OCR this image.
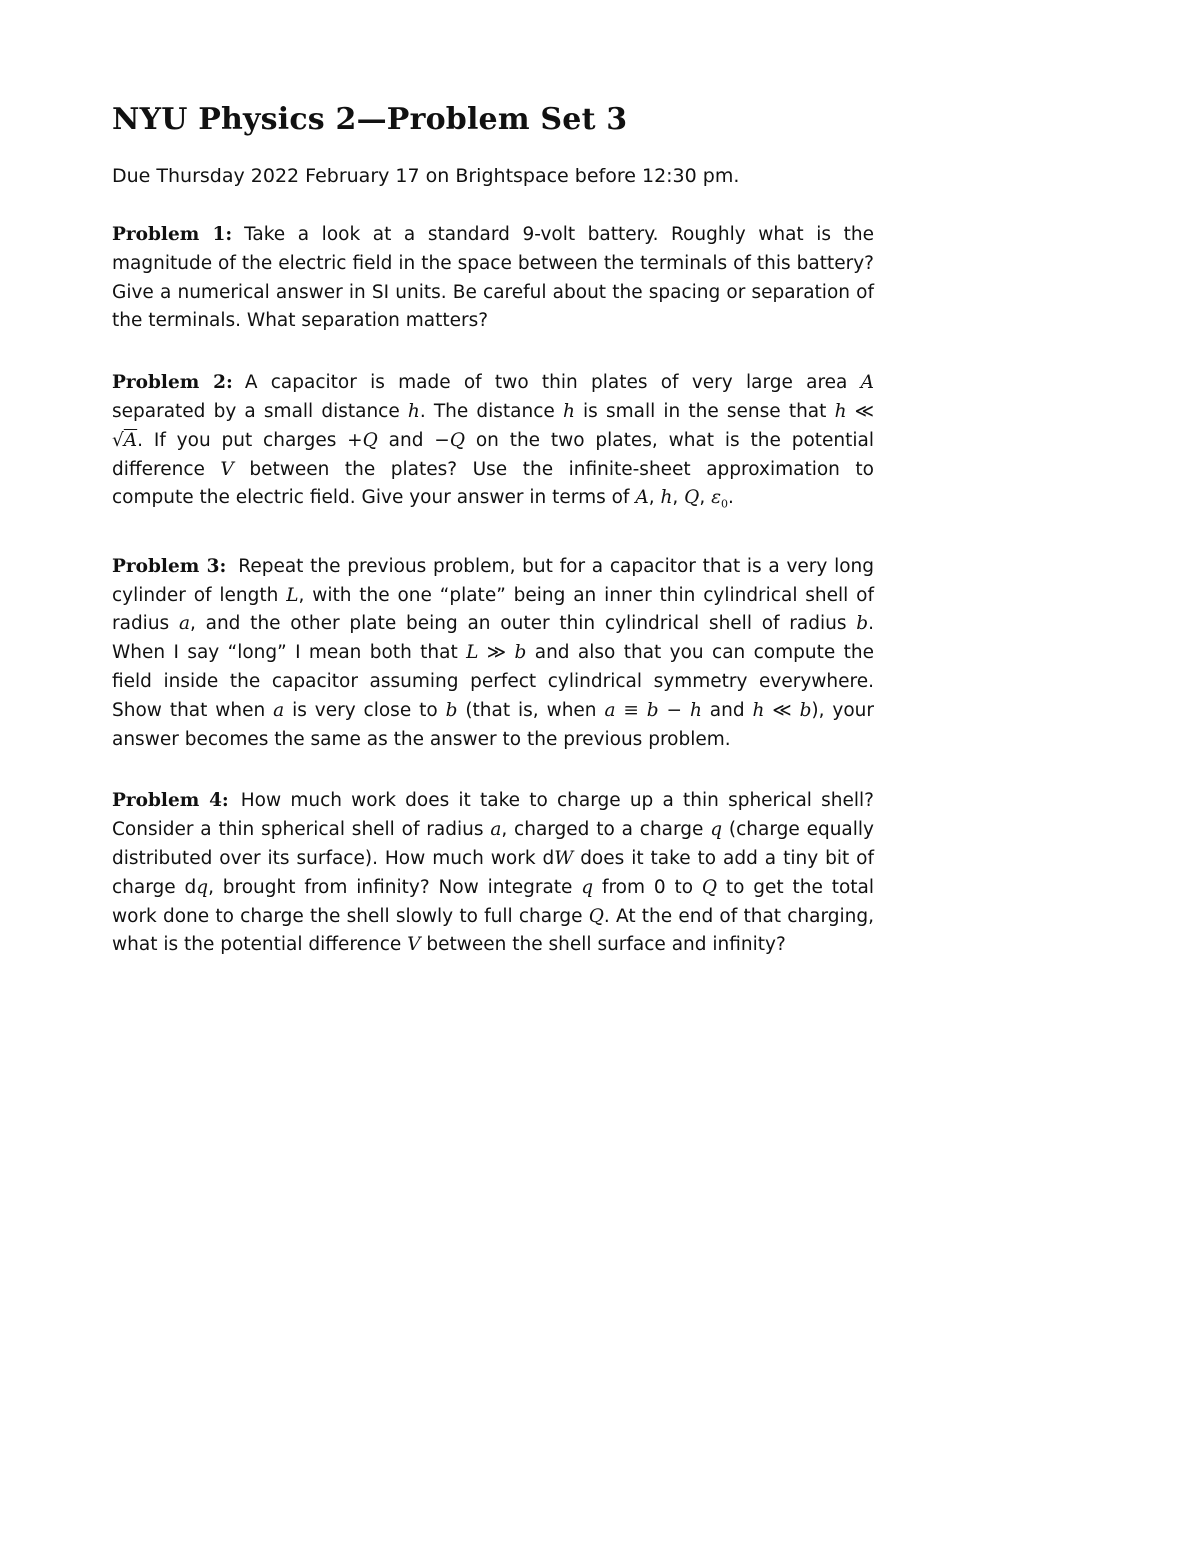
NYU Physics 2—Problem Set 3
Due Thursday 2022 February 17 on Brightspace before 12:30 pm.

Problem 1: Take a look at a standard 9-volt battery. Roughly what is the magnitude of the electric field in the space between the terminals of this battery? Give a numerical answer in SI units. Be careful about the spacing or separation of the terminals. What separation matters?

Problem 2: A capacitor is made of two thin plates of very large area A separated by a small distance h. The distance h is small in the sense that h ≪ √A. If you put charges +Q and −Q on the two plates, what is the potential difference V between the plates? Use the infinite-sheet approximation to compute the electric field. Give your answer in terms of A, h, Q, $\varepsilon_0$.

Problem 3: Repeat the previous problem, but for a capacitor that is a very long cylinder of length L, with the one “plate” being an inner thin cylindrical shell of radius a, and the other plate being an outer thin cylindrical shell of radius b. When I say “long” I mean both that L ≫ b and also that you can compute the field inside the capacitor assuming perfect cylindrical symmetry everywhere. Show that when a is very close to b (that is, when a ≡ b − h and h ≪ b), your answer becomes the same as the answer to the previous problem.

Problem 4: How much work does it take to charge up a thin spherical shell? Consider a thin spherical shell of radius a, charged to a charge q (charge equally distributed over its surface). How much work dW does it take to add a tiny bit of charge dq, brought from infinity? Now integrate q from 0 to Q to get the total work done to charge the shell slowly to full charge Q. At the end of that charging, what is the potential difference V between the shell surface and infinity?
